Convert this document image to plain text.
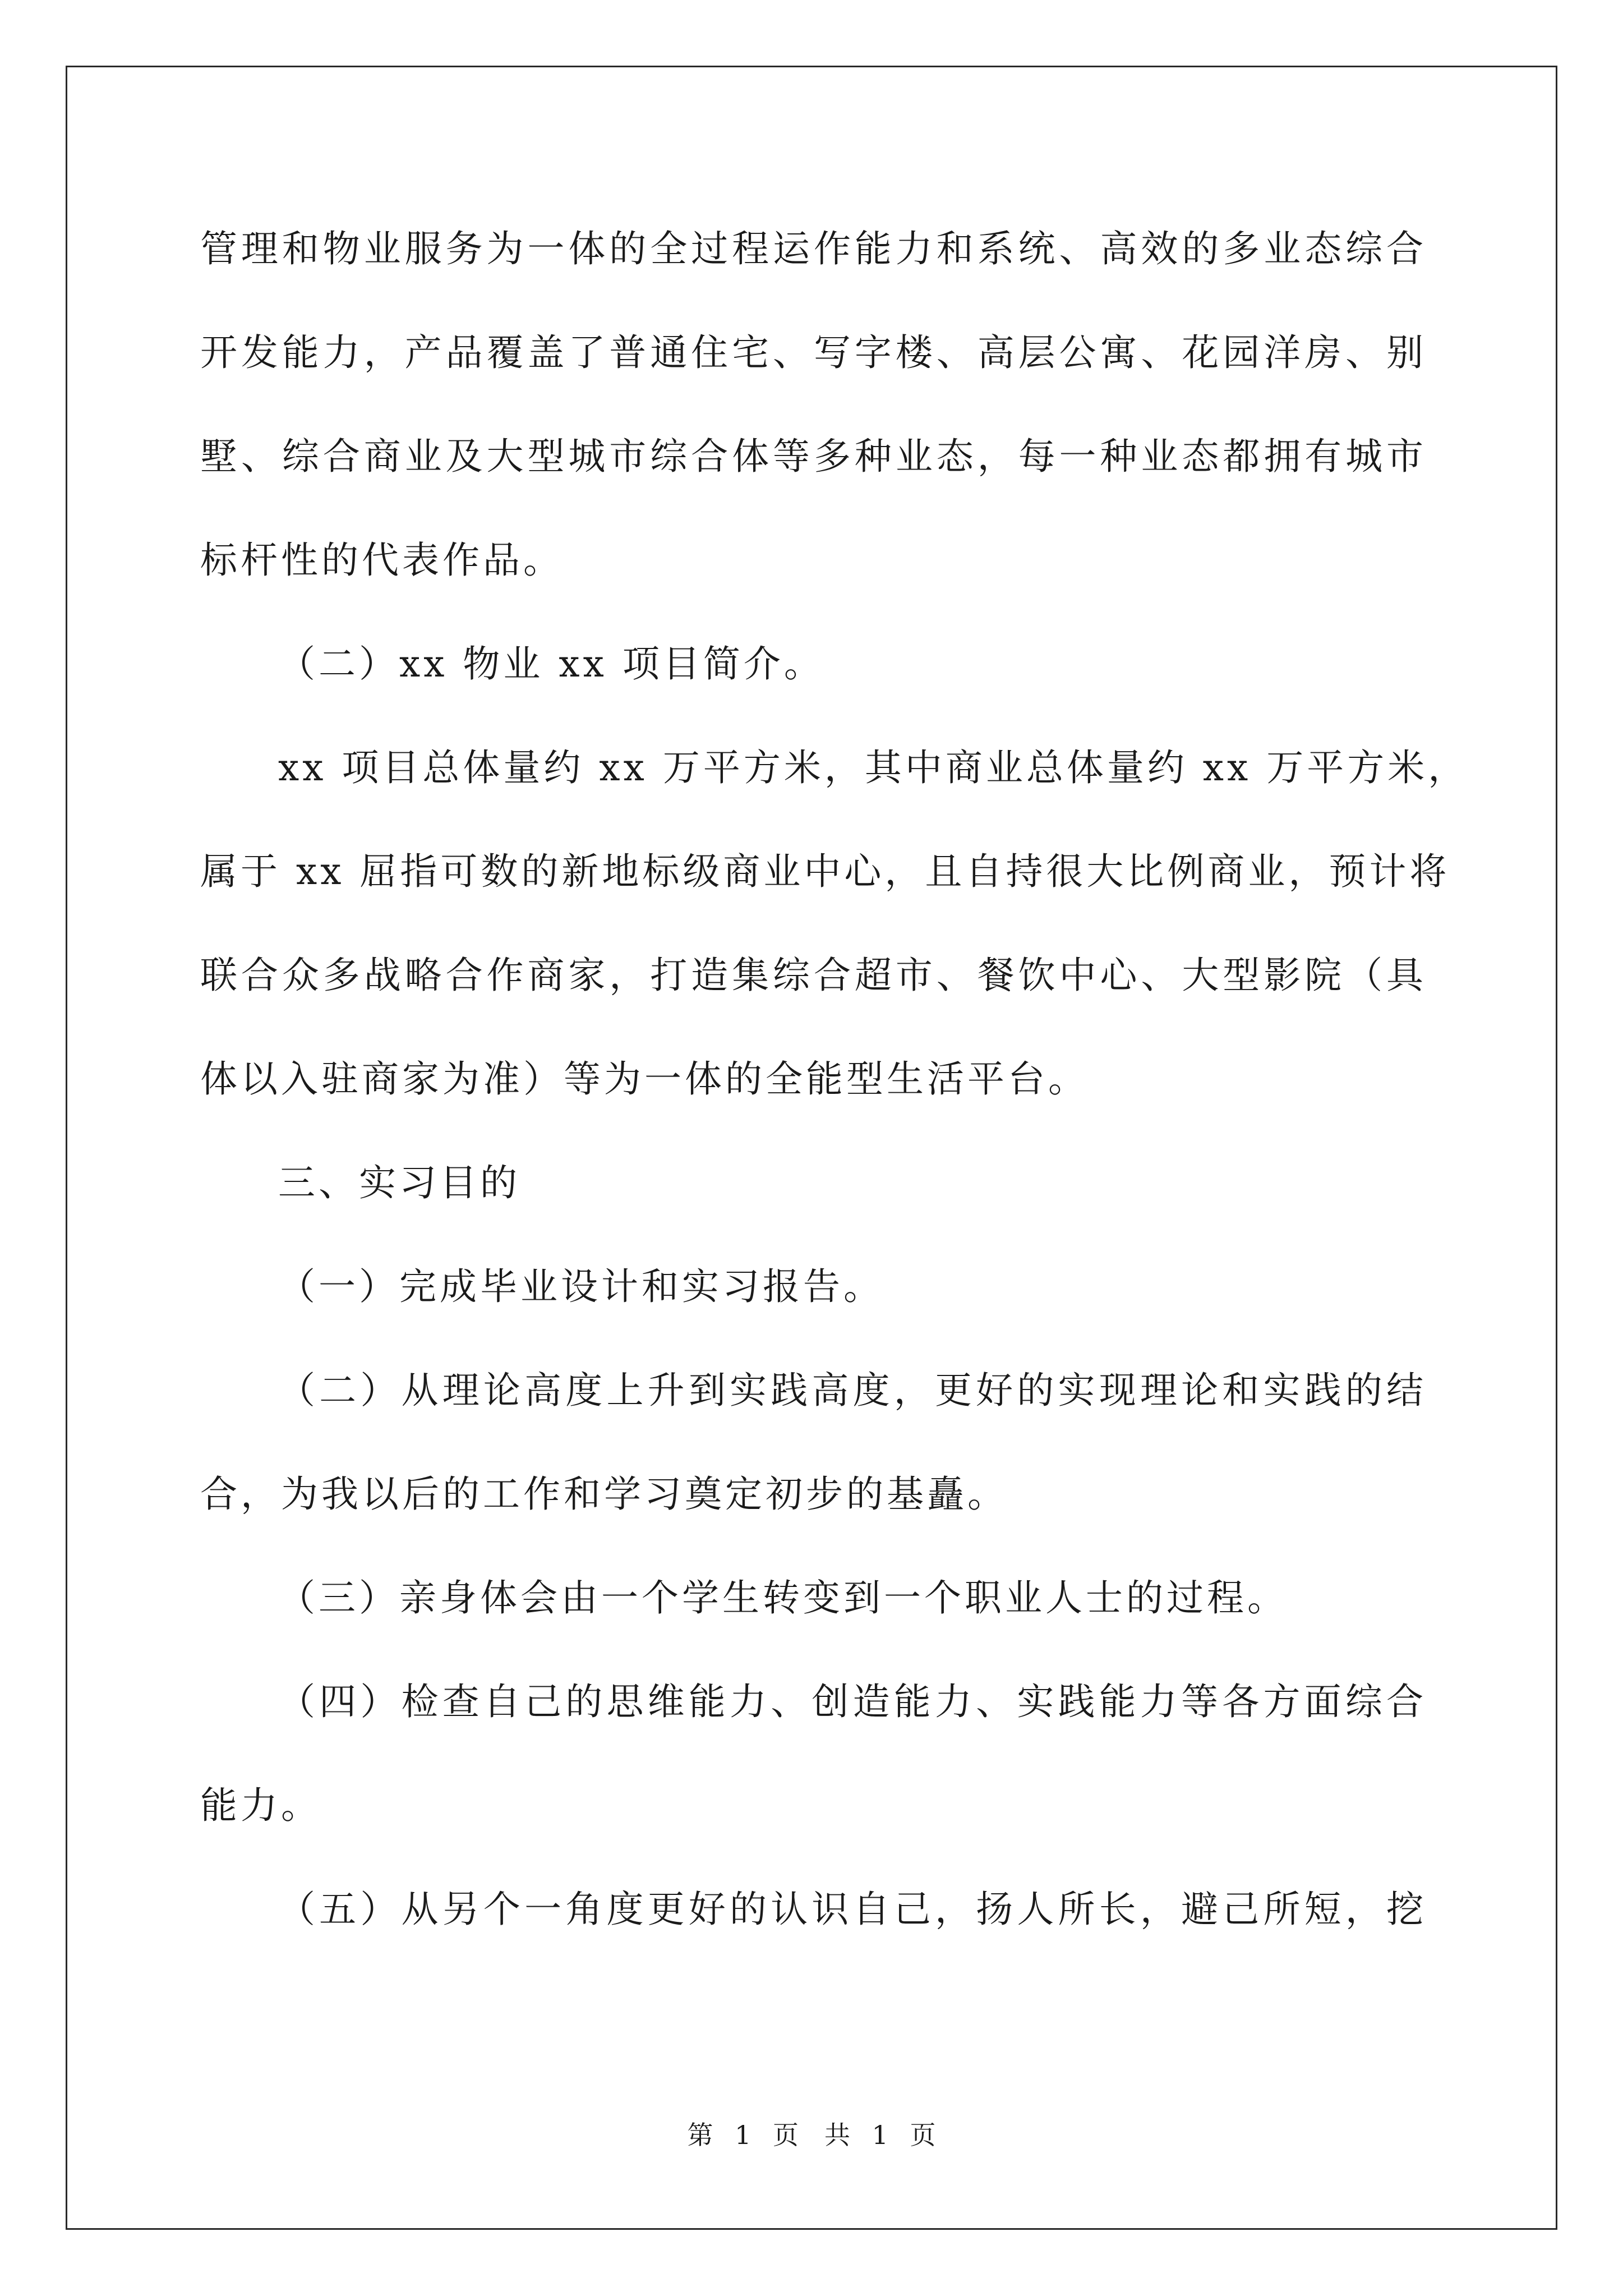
管理和物业服务为一体的全过程运作能力和系统、高效的多业态综合
开发能力，产品覆盖了普通住宅、写字楼、高层公寓、花园洋房、别
墅、综合商业及大型城市综合体等多种业态，每一种业态都拥有城市
标杆性的代表作品。
（二）xx 物业 xx 项目简介。
xx 项目总体量约 xx 万平方米，其中商业总体量约 xx 万平方米，
属于 xx 屈指可数的新地标级商业中心，且自持很大比例商业，预计将
联合众多战略合作商家，打造集综合超市、餐饮中心、大型影院（具
体以入驻商家为准）等为一体的全能型生活平台。
三、实习目的
（一）完成毕业设计和实习报告。
（二）从理论高度上升到实践高度，更好的实现理论和实践的结
合，为我以后的工作和学习奠定初步的基矗。
（三）亲身体会由一个学生转变到一个职业人士的过程。
（四）检查自己的思维能力、创造能力、实践能力等各方面综合
能力。
（五）从另个一角度更好的认识自己，扬人所长，避己所短，挖
第 1 页　共 1 页
